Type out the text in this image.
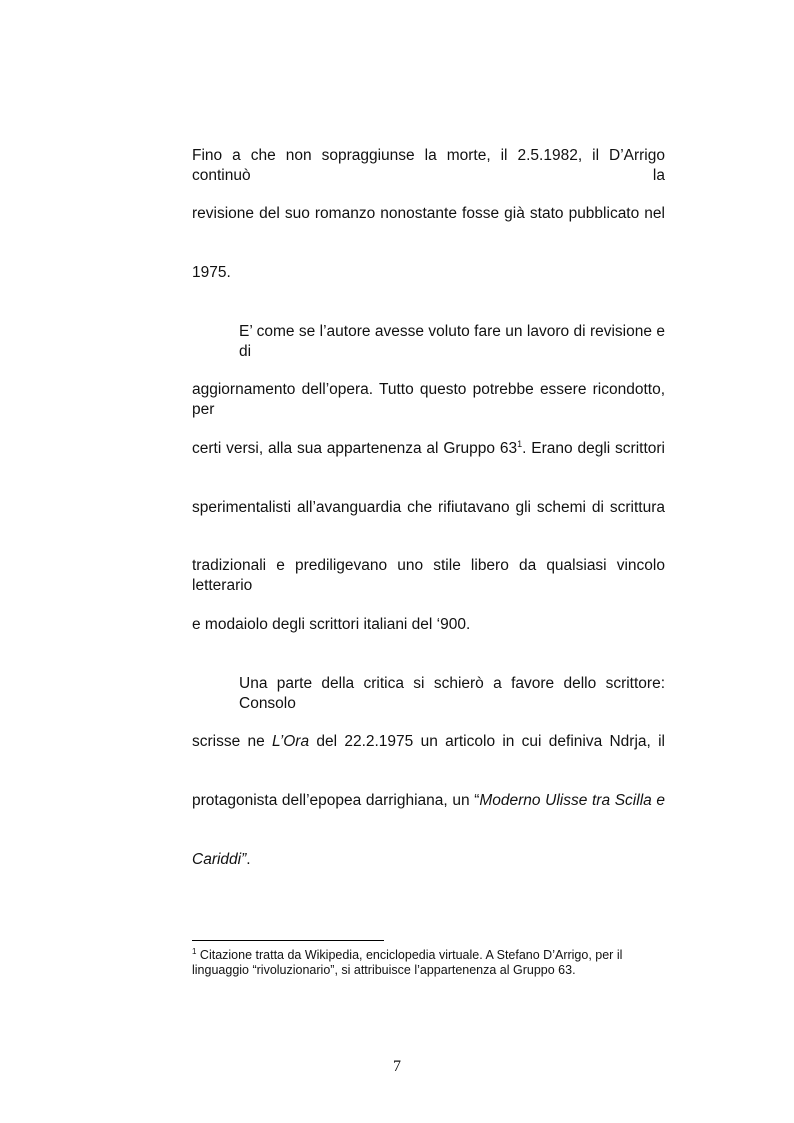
Fino a che non sopraggiunse la morte, il 2.5.1982, il D’Arrigo continuò la

revisione del suo romanzo nonostante fosse già stato pubblicato nel

1975.

E’ come se l’autore avesse voluto fare un lavoro di revisione e di

aggiornamento dell’opera. Tutto questo potrebbe essere ricondotto, per

certi versi, alla sua appartenenza al Gruppo $63^1$. Erano degli scrittori

sperimentalisti all’avanguardia che rifiutavano gli schemi di scrittura

tradizionali e prediligevano uno stile libero da qualsiasi vincolo letterario

e modaiolo degli scrittori italiani del ‘900.

Una parte della critica si schierò a favore dello scrittore: Consolo

scrisse ne L’Ora del 22.2.1975 un articolo in cui definiva Ndrja, il

protagonista dell’epopea darrighiana, un “Moderno Ulisse tra Scilla e

Cariddi”.

$^1$ Citazione tratta da Wikipedia, enciclopedia virtuale. A Stefano D’Arrigo, per il

linguaggio “rivoluzionario”, si attribuisce l’appartenenza al Gruppo 63.

7
